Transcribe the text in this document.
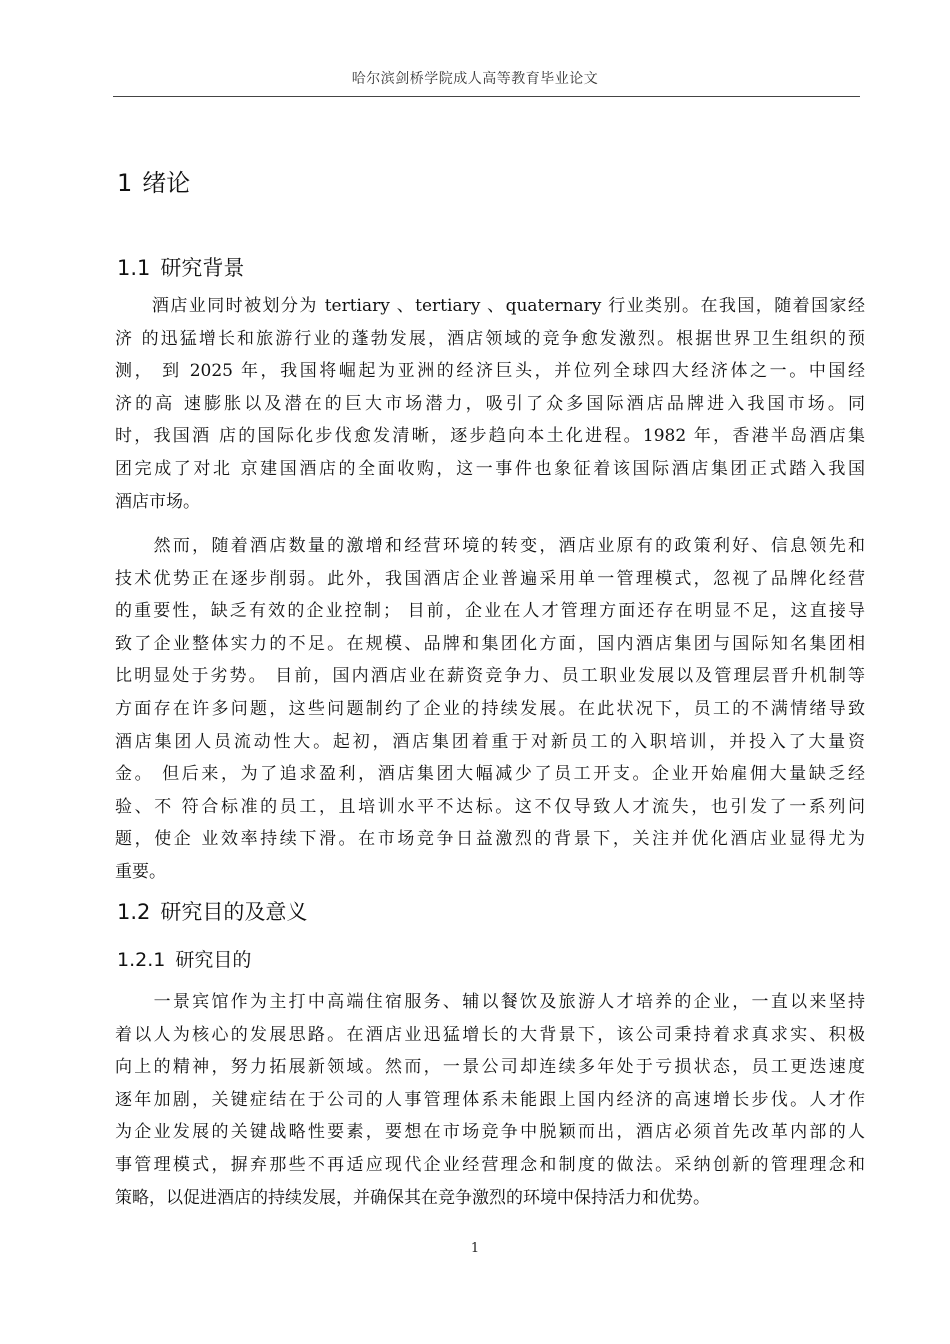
哈尔滨剑桥学院成人高等教育毕业论文
1 绪论
1.1 研究背景
　　酒店业同时被划分为 tertiary 、tertiary 、quaternary 行业类别。在我国，随着国家经
济 的迅猛增长和旅游行业的蓬勃发展，酒店领域的竞争愈发激烈。根据世界卫生组织的预
测， 到 2025 年，我国将崛起为亚洲的经济巨头，并位列全球四大经济体之一。中国经
济的高 速膨胀以及潜在的巨大市场潜力，吸引了众多国际酒店品牌进入我国市场。同
时，我国酒 店的国际化步伐愈发清晰，逐步趋向本土化进程。1982 年，香港半岛酒店集
团完成了对北 京建国酒店的全面收购，这一事件也象征着该国际酒店集团正式踏入我国
酒店市场。
　　然而，随着酒店数量的激增和经营环境的转变，酒店业原有的政策利好、信息领先和
技术优势正在逐步削弱。此外，我国酒店企业普遍采用单一管理模式，忽视了品牌化经营
的重要性，缺乏有效的企业控制； 目前，企业在人才管理方面还存在明显不足，这直接导
致了企业整体实力的不足。在规模、品牌和集团化方面，国内酒店集团与国际知名集团相
比明显处于劣势。 目前，国内酒店业在薪资竞争力、员工职业发展以及管理层晋升机制等
方面存在许多问题，这些问题制约了企业的持续发展。在此状况下，员工的不满情绪导致
酒店集团人员流动性大。起初，酒店集团着重于对新员工的入职培训，并投入了大量资
金。 但后来，为了追求盈利，酒店集团大幅减少了员工开支。企业开始雇佣大量缺乏经
验、不 符合标准的员工，且培训水平不达标。这不仅导致人才流失，也引发了一系列问
题，使企 业效率持续下滑。在市场竞争日益激烈的背景下，关注并优化酒店业显得尤为
重要。
1.2 研究目的及意义
1.2.1 研究目的
　　一景宾馆作为主打中高端住宿服务、辅以餐饮及旅游人才培养的企业，一直以来坚持
着以人为核心的发展思路。在酒店业迅猛增长的大背景下，该公司秉持着求真求实、积极
向上的精神，努力拓展新领域。然而，一景公司却连续多年处于亏损状态，员工更迭速度
逐年加剧，关键症结在于公司的人事管理体系未能跟上国内经济的高速增长步伐。人才作
为企业发展的关键战略性要素，要想在市场竞争中脱颖而出，酒店必须首先改革内部的人
事管理模式，摒弃那些不再适应现代企业经营理念和制度的做法。采纳创新的管理理念和
策略，以促进酒店的持续发展，并确保其在竞争激烈的环境中保持活力和优势。
1
